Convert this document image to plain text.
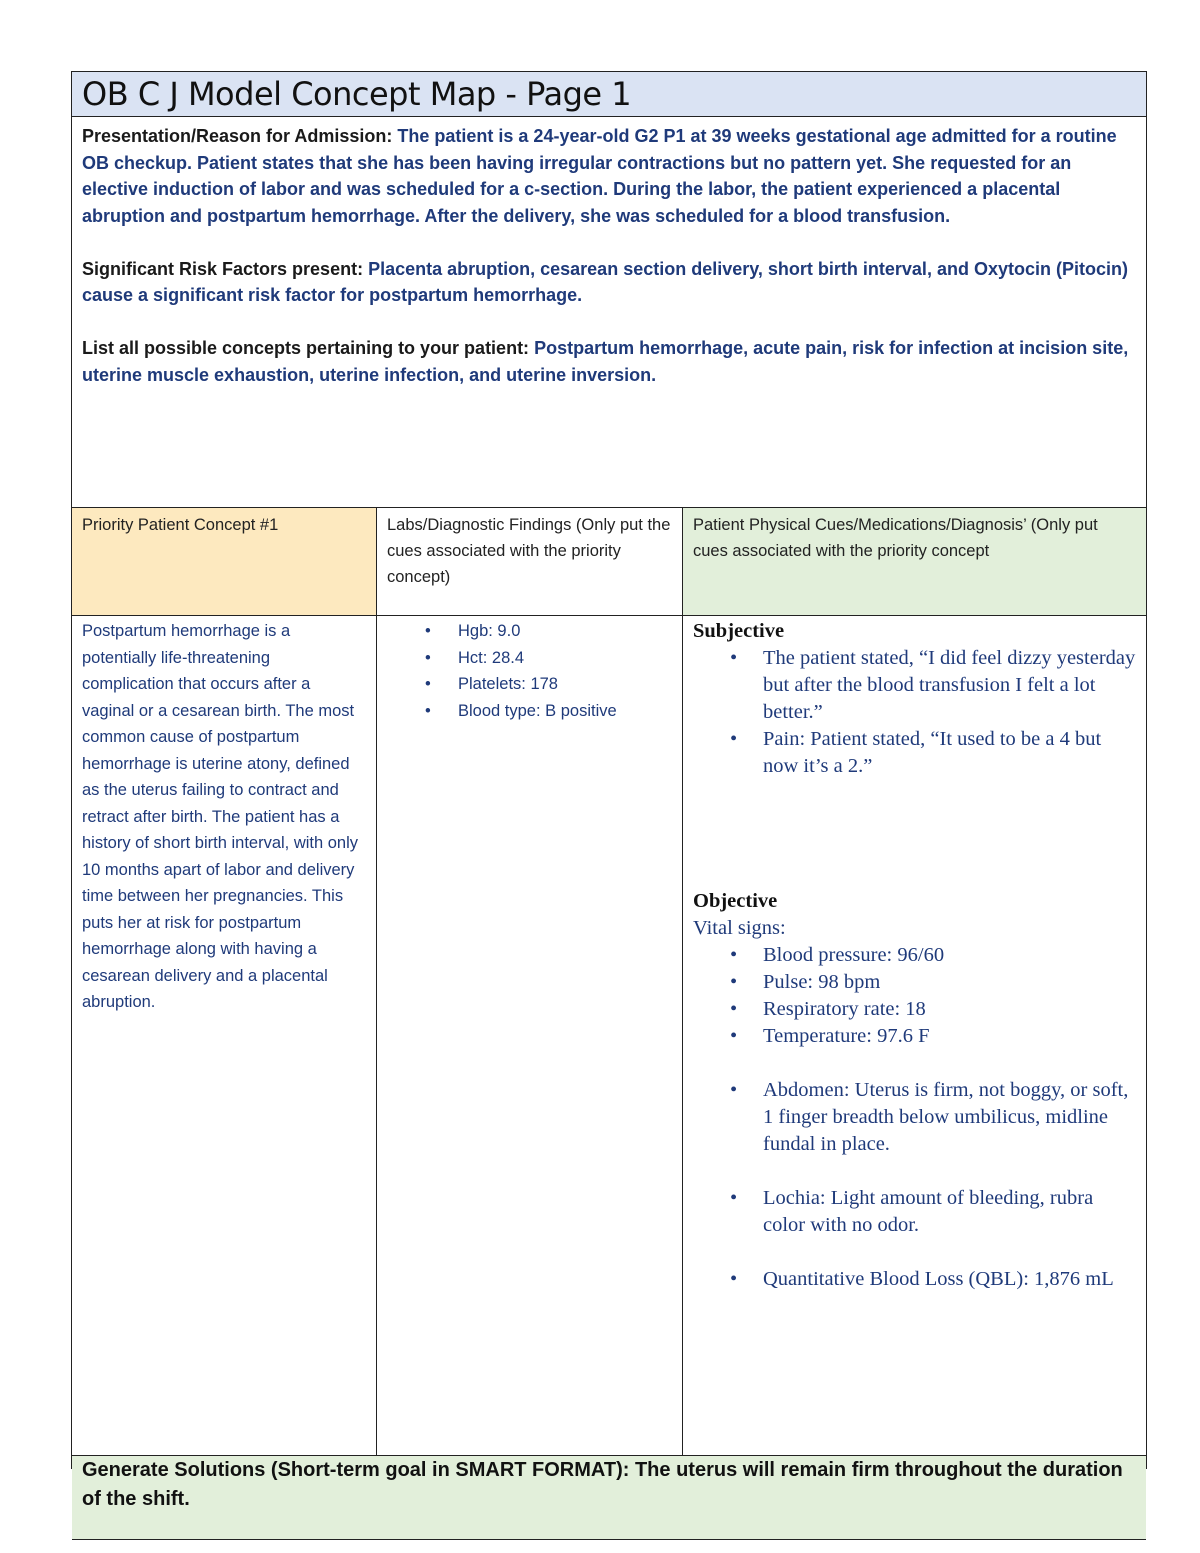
OB C J Model Concept Map - Page 1

Presentation/Reason for Admission: The patient is a 24-year-old G2 P1 at 39 weeks gestational age admitted for a routine OB checkup. Patient states that she has been having irregular contractions but no pattern yet. She requested for an elective induction of labor and was scheduled for a c-section. During the labor, the patient experienced a placental abruption and postpartum hemorrhage. After the delivery, she was scheduled for a blood transfusion.

Significant Risk Factors present: Placenta abruption, cesarean section delivery, short birth interval, and Oxytocin (Pitocin) cause a significant risk factor for postpartum hemorrhage.

List all possible concepts pertaining to your patient: Postpartum hemorrhage, acute pain, risk for infection at incision site, uterine muscle exhaustion, uterine infection, and uterine inversion.

Priority Patient Concept #1	Labs/Diagnostic Findings (Only put the cues associated with the priority concept)
Patient Physical Cues/Medications/Diagnosis’ (Only put cues associated with the priority concept
Postpartum hemorrhage is a potentially life-threatening complication that occurs after a vaginal or a cesarean birth. The most common cause of postpartum hemorrhage is uterine atony, defined as the uterus failing to contract and retract after birth. The patient has a history of short birth interval, with only 10 months apart of labor and delivery time between her pregnancies. This puts her at risk for postpartum hemorrhage along with having a cesarean delivery and a placental abruption.
• Hgb: 9.0
• Hct: 28.4
• Platelets: 178
• Blood type: B positive
Subjective
• The patient stated, “I did feel dizzy yesterday but after the blood transfusion I felt a lot better.”
• Pain: Patient stated, “It used to be a 4 but now it’s a 2.”
Objective
Vital signs:
• Blood pressure: 96/60
• Pulse: 98 bpm
• Respiratory rate: 18
• Temperature: 97.6 F
• Abdomen: Uterus is firm, not boggy, or soft, 1 finger breadth below umbilicus, midline fundal in place.
• Lochia: Light amount of bleeding, rubra color with no odor.
• Quantitative Blood Loss (QBL): 1,876 mL
Generate Solutions (Short-term goal in SMART FORMAT): The uterus will remain firm throughout the duration of the shift.
